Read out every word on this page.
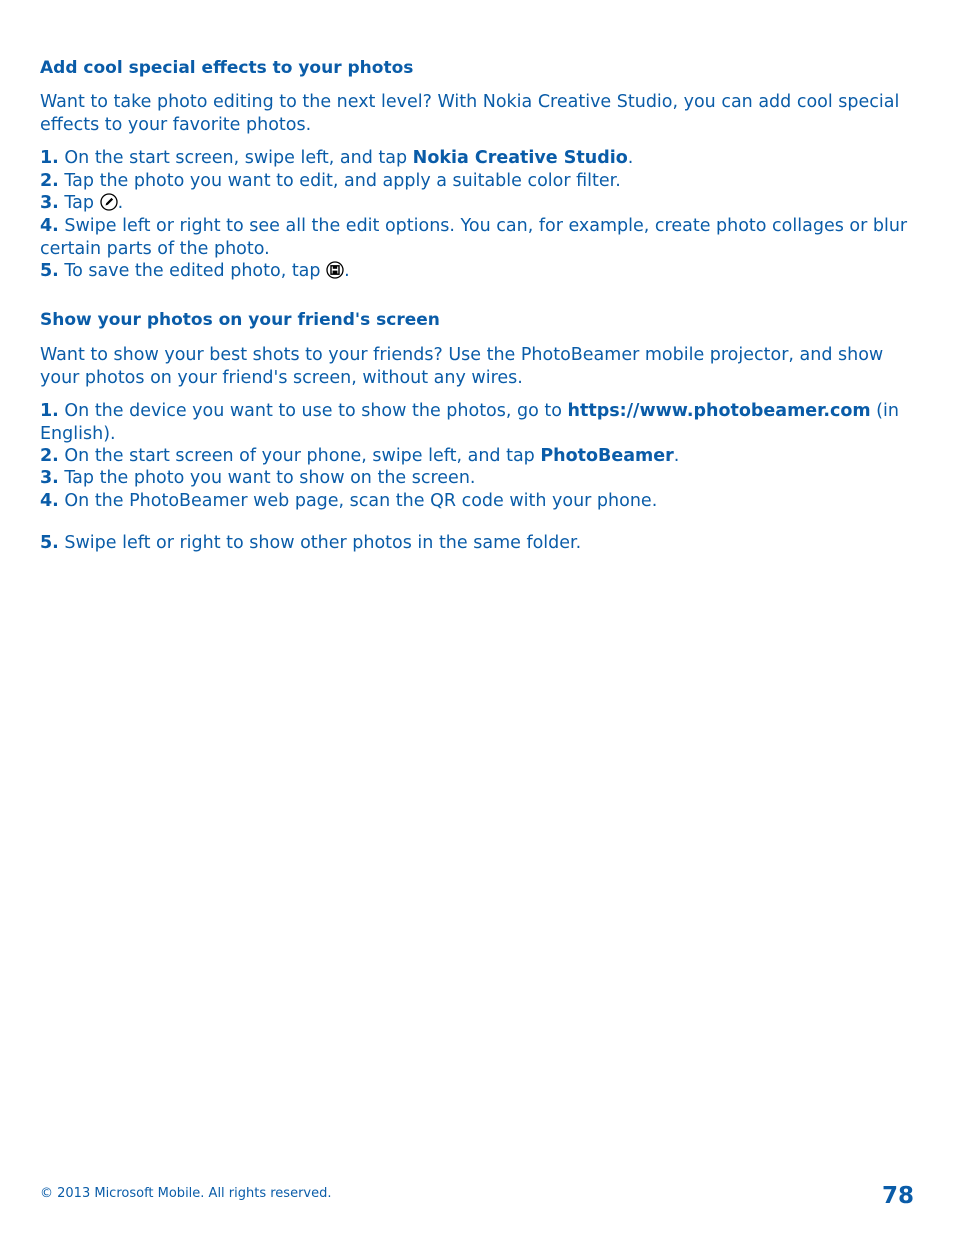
Add cool special effects to your photos
Want to take photo editing to the next level? With Nokia Creative Studio, you can add cool special effects to your favorite photos.
1. On the start screen, swipe left, and tap Nokia Creative Studio.
2. Tap the photo you want to edit, and apply a suitable color filter.
3. Tap .
4. Swipe left or right to see all the edit options. You can, for example, create photo collages or blur certain parts of the photo.
5. To save the edited photo, tap .
Show your photos on your friend's screen
Want to show your best shots to your friends? Use the PhotoBeamer mobile projector, and show your photos on your friend's screen, without any wires.
1. On the device you want to use to show the photos, go to https://www.photobeamer.com (in English).
2. On the start screen of your phone, swipe left, and tap PhotoBeamer.
3. Tap the photo you want to show on the screen.
4. On the PhotoBeamer web page, scan the QR code with your phone.
5. Swipe left or right to show other photos in the same folder.
© 2013 Microsoft Mobile. All rights reserved.	78
